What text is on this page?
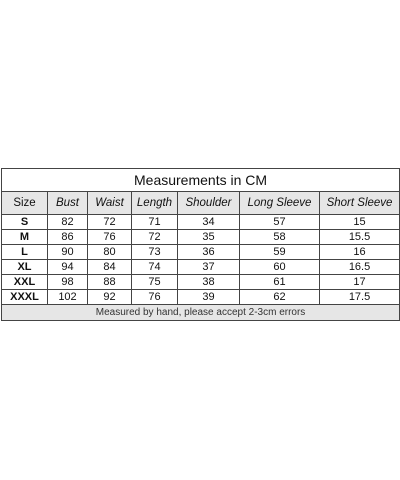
Measurements in CM						
Size	Bust	Waist	Length	Shoulder	Long Sleeve	Short Sleeve
S	82	72	71	34	57	15
M	86	76	72	35	58	15.5
L	90	80	73	36	59	16
XL	94	84	74	37	60	16.5
XXL	98	88	75	38	61	17
XXXL	102	92	76	39	62	17.5
Measured by hand, please accept 2-3cm errors						
